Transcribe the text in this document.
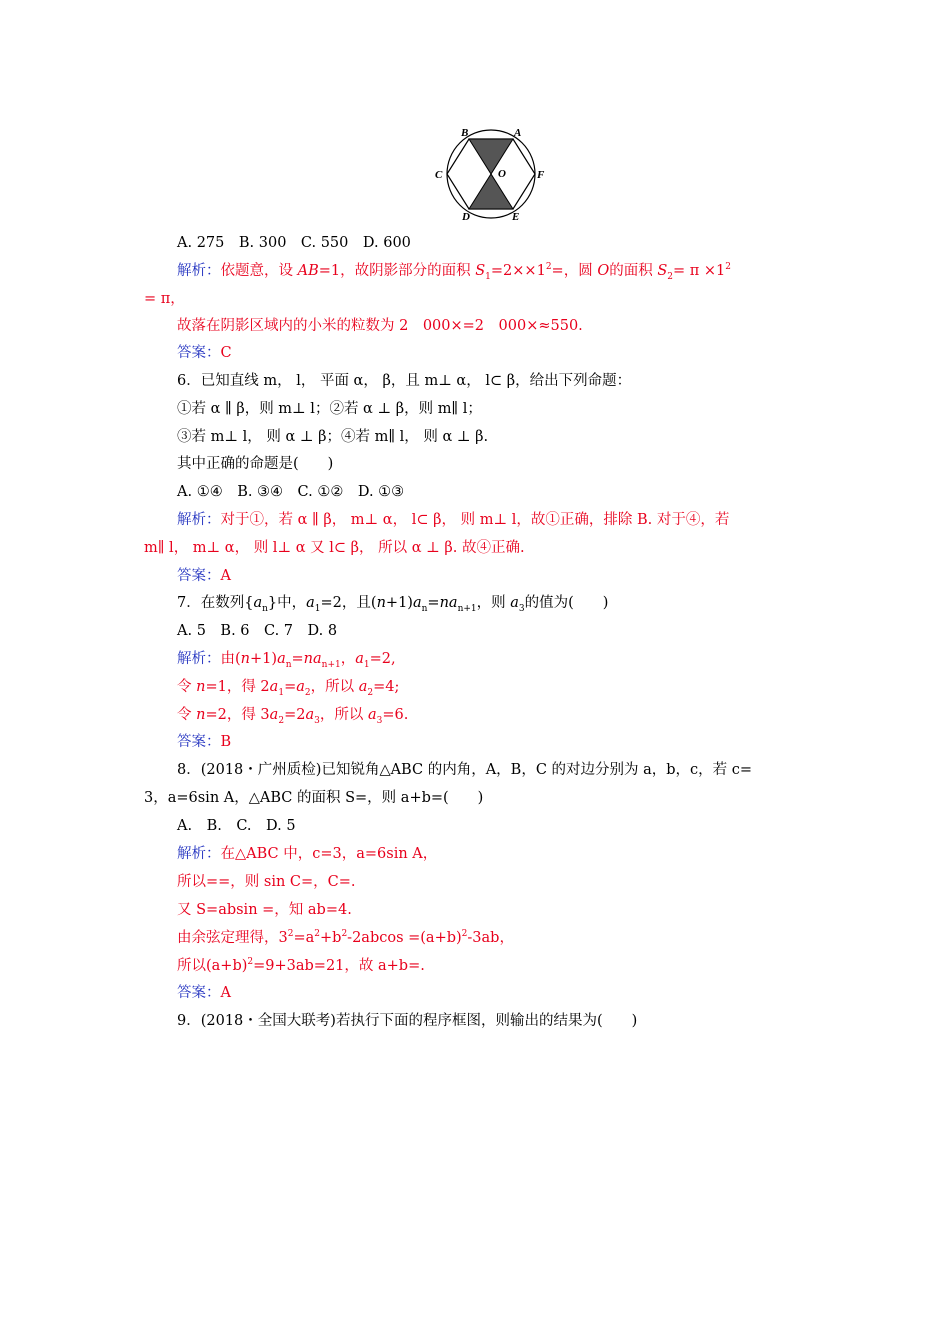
B	A
C	O	F
D	E
A. 275　B. 300　C. 550　D. 600
解析：依题意，设 AB=1，故阴影部分的面积 $S_1=2\times\times 1^2=$，圆 O的面积 $S_2= \pi \times 1^2$
= π，
故落在阴影区域内的小米的粒数为 2　000×=2　000×≈550.
答案：C
6．已知直线 m， l， 平面 α， β，且 m⊥ α， l⊂ β，给出下列命题：
①若 α ∥ β，则 m⊥ l；②若 α ⊥ β，则 m∥ l；
③若 m⊥ l， 则 α ⊥ β；④若 m∥ l， 则 α ⊥ β.
其中正确的命题是(　　)
A. ①④　B. ③④　C. ①②　D. ①③
解析：对于①，若 α ∥ β， m⊥ α， l⊂ β， 则 m⊥ l，故①正确，排除 B. 对于④，若
m∥ l， m⊥ α， 则 l⊥ α 又 l⊂ β， 所以 α ⊥ β. 故④正确.
答案：A
7．在数列$\{a_n\}$中，$a_1=2$，且$(n+1)a_n=na_{n+1}$，则 $a_3$的值为(　　)
A. 5　B. 6　C. 7　D. 8
解析：由$(n+1)a_n=na_{n+1}$，$a_1=2$,
令 n=1，得 $2a_1=a_2$，所以 $a_2=4$;
令 n=2，得 $3a_2=2a_3$，所以 $a_3=6$.
答案：B
8．(2018・广州质检)已知锐角△ABC 的内角，A，B，C 的对边分别为 a，b，c，若 c=
3，a=6sin A，△ABC 的面积 S=，则 a+b=(　　)
A.　B.　C.　D. 5
解析：在△ABC 中，c=3，a=6sin A，
所以==，则 sin C=，C=.
又 S=absin =，知 ab=4.
由余弦定理得，$3^2=a^2+b^2-2abcos =(a+b)^2-3ab$，
所以$(a+b)^2=9+3ab=21$，故 a+b=.
答案：A
9．(2018・全国大联考)若执行下面的程序框图，则输出的结果为(　　)
